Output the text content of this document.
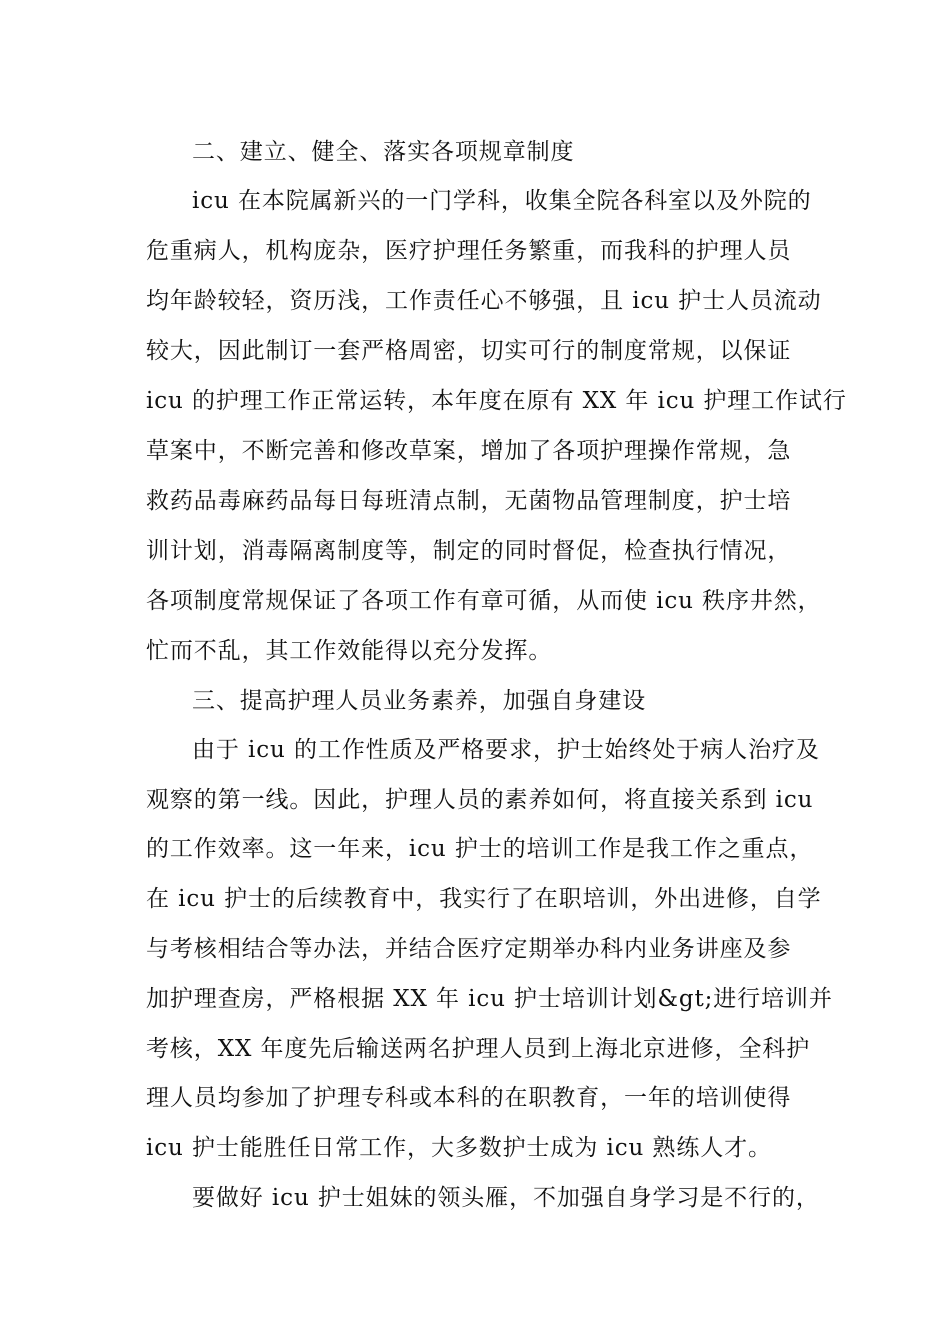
二、建立、健全、落实各项规章制度

icu 在本院属新兴的一门学科，收集全院各科室以及外院的

危重病人，机构庞杂，医疗护理任务繁重，而我科的护理人员

均年龄较轻，资历浅，工作责任心不够强，且 icu 护士人员流动

较大，因此制订一套严格周密，切实可行的制度常规，以保证

icu 的护理工作正常运转，本年度在原有 XX 年 icu 护理工作试行

草案中，不断完善和修改草案，增加了各项护理操作常规，急

救药品毒麻药品每日每班清点制，无菌物品管理制度，护士培

训计划，消毒隔离制度等，制定的同时督促，检查执行情况，

各项制度常规保证了各项工作有章可循，从而使 icu 秩序井然，

忙而不乱，其工作效能得以充分发挥。

三、提高护理人员业务素养，加强自身建设

由于 icu 的工作性质及严格要求，护士始终处于病人治疗及

观察的第一线。因此，护理人员的素养如何，将直接关系到 icu

的工作效率。这一年来，icu 护士的培训工作是我工作之重点，

在 icu 护士的后续教育中，我实行了在职培训，外出进修，自学

与考核相结合等办法，并结合医疗定期举办科内业务讲座及参

加护理查房，严格根据 XX 年 icu 护士培训计划&gt;进行培训并

考核，XX 年度先后输送两名护理人员到上海北京进修，全科护

理人员均参加了护理专科或本科的在职教育，一年的培训使得

icu 护士能胜任日常工作，大多数护士成为 icu 熟练人才。

要做好 icu 护士姐妹的领头雁，不加强自身学习是不行的，
